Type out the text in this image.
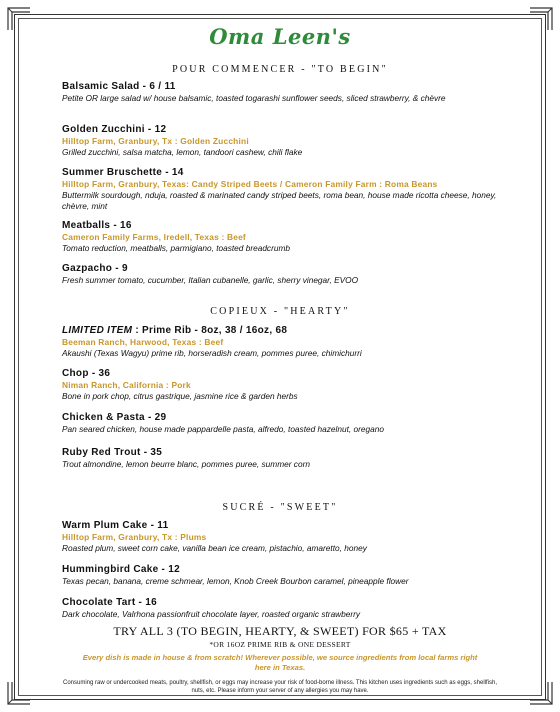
Oma Leen's
POUR COMMENCER - "TO BEGIN"
Balsamic Salad - 6 / 11
Petite OR large salad w/ house balsamic, toasted togarashi sunflower seeds, sliced strawberry, & chèvre
Golden Zucchini - 12
Hilltop Farm, Granbury, Tx : Golden Zucchini
Grilled zucchini, salsa matcha, lemon, tandoori cashew, chili flake
Summer Bruschette - 14
Hilltop Farm, Granbury, Texas: Candy Striped Beets / Cameron Family Farm : Roma Beans
Buttermilk sourdough, nduja, roasted & marinated candy striped beets, roma bean, house made ricotta cheese, honey, chèvre, mint
Meatballs - 16
Cameron Family Farms, Iredell, Texas : Beef
Tomato reduction, meatballs, parmigiano, toasted breadcrumb
Gazpacho - 9
Fresh summer tomato, cucumber, Italian cubanelle, garlic, sherry vinegar, EVOO
COPIEUX - "HEARTY"
LIMITED ITEM : Prime Rib - 8oz, 38 / 16oz, 68
Beeman Ranch, Harwood, Texas : Beef
Akaushi (Texas Wagyu) prime rib, horseradish cream, pommes puree, chimichurri
Chop - 36
Niman Ranch, California : Pork
Bone in pork chop, citrus gastrique, jasmine rice & garden herbs
Chicken & Pasta - 29
Pan seared chicken, house made pappardelle pasta, alfredo, toasted hazelnut, oregano
Ruby Red Trout - 35
Trout almondine, lemon beurre blanc, pommes puree, summer corn
SUCRÉ - "SWEET"
Warm Plum Cake - 11
Hilltop Farm, Granbury, Tx : Plums
Roasted plum, sweet corn cake, vanilla bean ice cream, pistachio, amaretto, honey
Hummingbird Cake - 12
Texas pecan, banana, creme schmear, lemon, Knob Creek Bourbon caramel, pineapple flower
Chocolate Tart - 16
Dark chocolate, Valrhona passionfruit chocolate layer, roasted organic strawberry
TRY ALL 3 (TO BEGIN, HEARTY, & SWEET) FOR $65 + TAX
*OR 16OZ PRIME RIB & ONE DESSERT
Every dish is made in house & from scratch! Wherever possible, we source ingredients from local farms right here in Texas.
Consuming raw or undercooked meats, poultry, shellfish, or eggs may increase your risk of food-borne illness. This kitchen uses ingredients such as eggs, shellfish, nuts, etc. Please inform your server of any allergies you may have.
